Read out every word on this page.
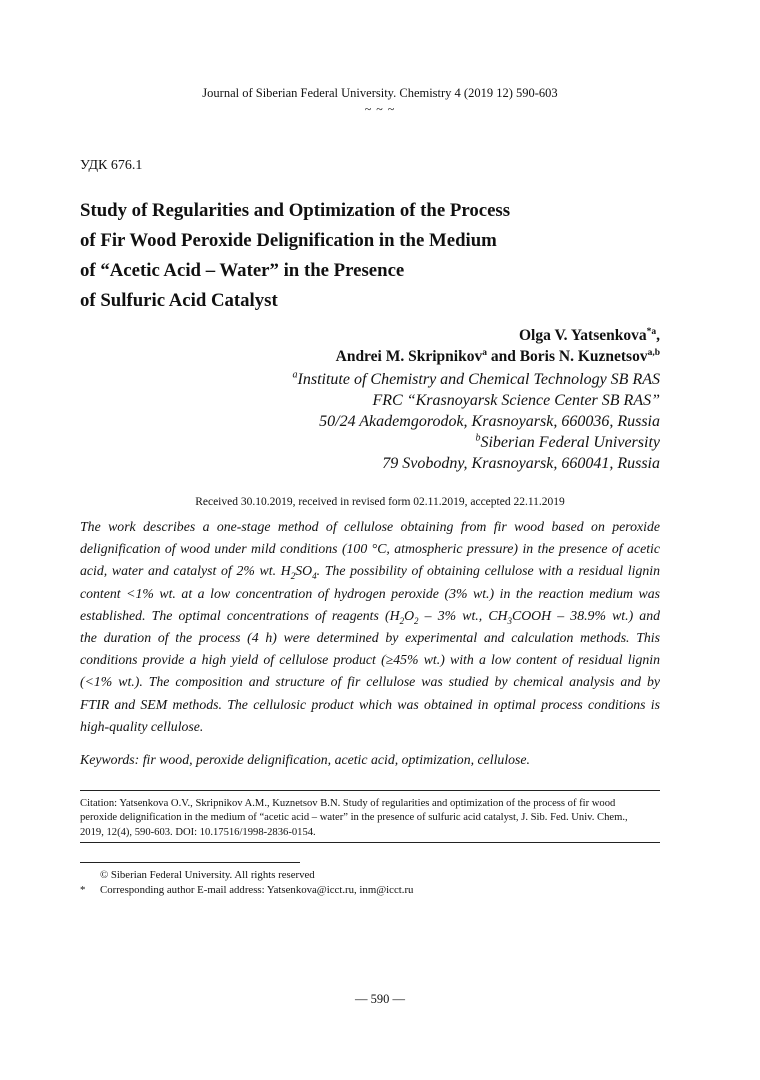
Journal of Siberian Federal University. Chemistry 4 (2019 12) 590-603
~ ~ ~
УДК 676.1
Study of Regularities and Optimization of the Process
of Fir Wood Peroxide Delignification in the Medium
of “Acetic Acid – Water” in the Presence
of Sulfuric Acid Catalyst
Olga V. Yatsenkova$^{*a}$,
Andrei M. Skripnikov$^a$ and Boris N. Kuznetsov$^{a,b}$
$^a$Institute of Chemistry and Chemical Technology SB RAS
FRC “Krasnoyarsk Science Center SB RAS”
50/24 Akademgorodok, Krasnoyarsk, 660036, Russia
$^b$Siberian Federal University
79 Svobodny, Krasnoyarsk, 660041, Russia
Received 30.10.2019, received in revised form 02.11.2019, accepted 22.11.2019
The work describes a one-stage method of cellulose obtaining from fir wood based on peroxide
delignification of wood under mild conditions (100 °C, atmospheric pressure) in the presence of acetic
acid, water and catalyst of 2% wt. $H_2SO_4$. The possibility of obtaining cellulose with a residual lignin
content <1% wt. at a low concentration of hydrogen peroxide (3% wt.) in the reaction medium was
established. The optimal concentrations of reagents ($H_2O_2 - 3\%$ wt., $CH_3COOH - 38.9\%$ wt.) and
the duration of the process (4 h) were determined by experimental and calculation methods. This
conditions provide a high yield of cellulose product (≥45% wt.) with a low content of residual lignin
(<1% wt.). The composition and structure of fir cellulose was studied by chemical analysis and by
FTIR and SEM methods. The cellulosic product which was obtained in optimal process conditions is
high-quality cellulose.
Keywords: fir wood, peroxide delignification, acetic acid, optimization, cellulose.
Citation: Yatsenkova O.V., Skripnikov A.M., Kuznetsov B.N. Study of regularities and optimization of the process of fir wood
peroxide delignification in the medium of “acetic acid – water” in the presence of sulfuric acid catalyst, J. Sib. Fed. Univ. Chem.,
2019, 12(4), 590-603. DOI: 10.17516/1998-2836-0154.
© Siberian Federal University. All rights reserved
* Corresponding author E-mail address: Yatsenkova@icct.ru, inm@icct.ru
— 590 —
